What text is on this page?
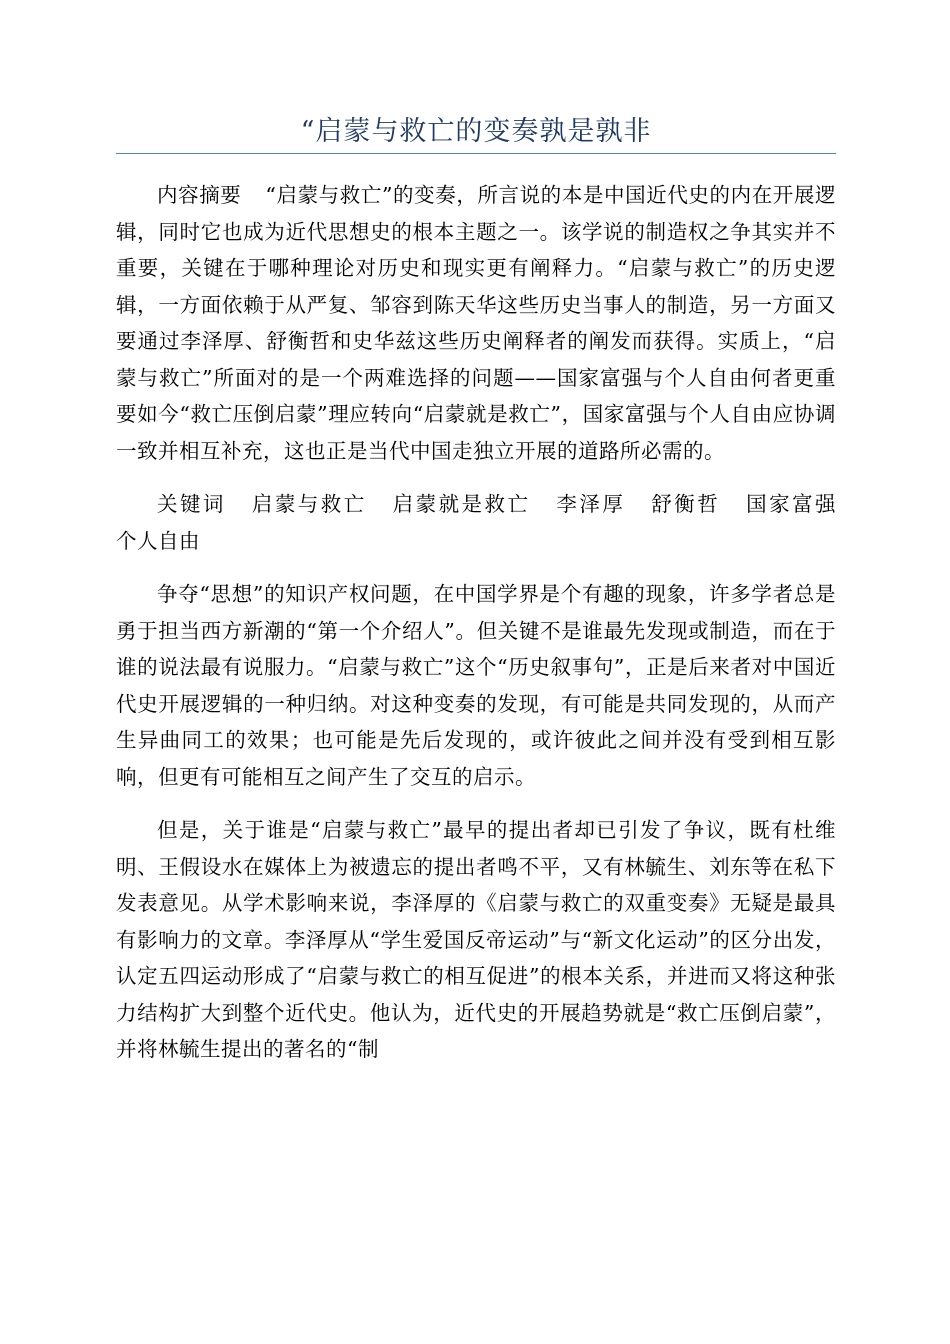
“启蒙与救亡的变奏孰是孰非

内容摘要 “启蒙与救亡”的变奏，所言说的本是中国近代史的内在开展逻辑，同时它也成为近代思想史的根本主题之一。该学说的制造权之争其实并不重要，关键在于哪种理论对历史和现实更有阐释力。“启蒙与救亡”的历史逻辑，一方面依赖于从严复、邹容到陈天华这些历史当事人的制造，另一方面又要通过李泽厚、舒衡哲和史华兹这些历史阐释者的阐发而获得。实质上，“启蒙与救亡”所面对的是一个两难选择的问题——国家富强与个人自由何者更重要如今“救亡压倒启蒙”理应转向“启蒙就是救亡”，国家富强与个人自由应协调一致并相互补充，这也正是当代中国走独立开展的道路所必需的。

关键词 启蒙与救亡 启蒙就是救亡 李泽厚 舒衡哲 国家富强 个人自由

争夺“思想”的知识产权问题，在中国学界是个有趣的现象，许多学者总是勇于担当西方新潮的“第一个介绍人”。但关键不是谁最先发现或制造，而在于谁的说法最有说服力。“启蒙与救亡”这个“历史叙事句”，正是后来者对中国近代史开展逻辑的一种归纳。对这种变奏的发现，有可能是共同发现的，从而产生异曲同工的效果；也可能是先后发现的，或许彼此之间并没有受到相互影响，但更有可能相互之间产生了交互的启示。

但是，关于谁是“启蒙与救亡”最早的提出者却已引发了争议，既有杜维明、王假设水在媒体上为被遗忘的提出者鸣不平，又有林毓生、刘东等在私下发表意见。从学术影响来说，李泽厚的《启蒙与救亡的双重变奏》无疑是最具有影响力的文章。李泽厚从“学生爱国反帝运动”与“新文化运动”的区分出发，认定五四运动形成了“启蒙与救亡的相互促进”的根本关系，并进而又将这种张力结构扩大到整个近代史。他认为，近代史的开展趋势就是“救亡压倒启蒙”，并将林毓生提出的著名的“制
